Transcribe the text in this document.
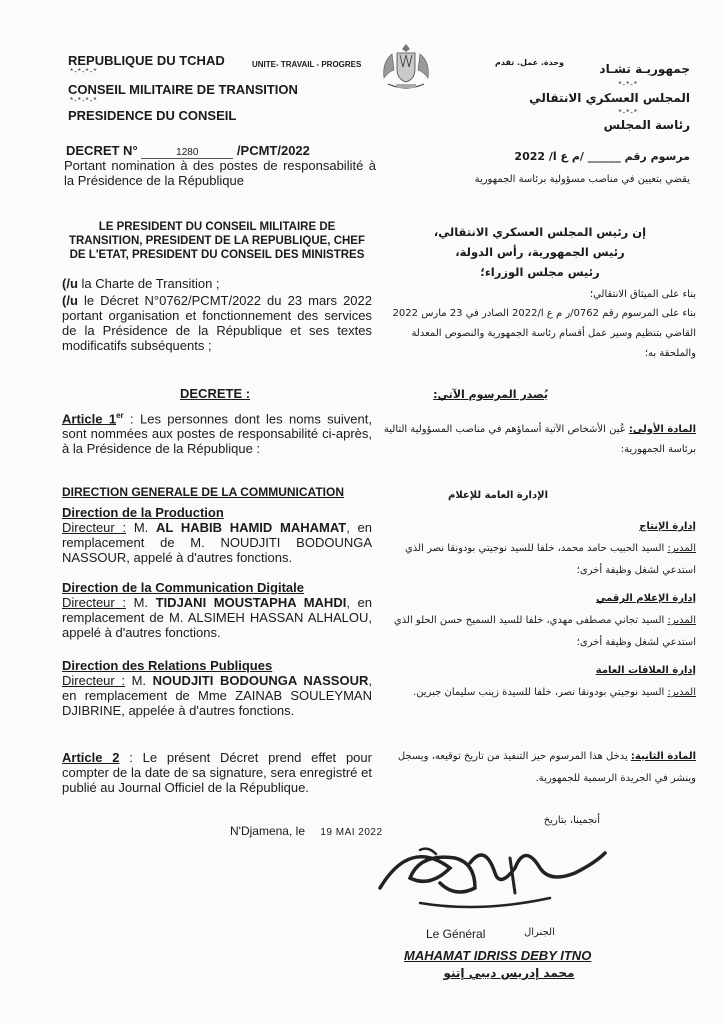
REPUBLIQUE DU TCHAD
*-*-*-*
CONSEIL MILITAIRE DE TRANSITION
*-*-*-*
PRESIDENCE DU CONSEIL
UNITE- TRAVAIL - PROGRES	وحدة. عمل. تقدم	جمهوريـة تشـاد
*-*-*
المجلس العسكري الانتقالي
*-*-*
رئاسة المجلس
DECRET N°	1280	/PCMT/2022
Portant nomination à des postes de responsabilité à la Présidence de la République
مرسوم رقم ______ /م ع ا/ 2022
يقضي بتعيين في مناصب مسؤولية برئاسة الجمهورية
LE PRESIDENT DU CONSEIL MILITAIRE DE TRANSITION, PRESIDENT DE LA REPUBLIQUE, CHEF DE L'ETAT, PRESIDENT DU CONSEIL DES MINISTRES
(/u la Charte de Transition ;
(/u le Décret N°0762/PCMT/2022 du 23 mars 2022 portant organisation et fonctionnement des services de la Présidence de la République et ses textes modificatifs subséquents ;
إن رئيس المجلس العسكري الانتقالي،
رئيس الجمهورية، رأس الدولة،
رئيس مجلس الوزراء؛
بناء على الميثاق الانتقالي؛
بناء على المرسوم رقم 0762/ر م ع ا/2022 الصادر في 23 مارس 2022 القاضي بتنظيم وسير عمل أقسام رئاسة الجمهورية والنصوص المعدلة والملحقة به؛
DECRETE :	يُصدر المرسوم الآتي:
Article 1er : Les personnes dont les noms suivent, sont nommées aux postes de responsabilité ci-après, à la Présidence de la République :
المادة الأولى: عُين الأشخاص الآتية أسماؤهم في مناصب المسؤولية التالية برئاسة الجمهورية:
DIRECTION GENERALE DE LA COMMUNICATION	الإدارة العامة للإعلام
Direction de la Production
Directeur : M. AL HABIB HAMID MAHAMAT, en remplacement de M. NOUDJITI BODOUNGA NASSOUR, appelé à d'autres fonctions.
إدارة الإنتاج
المدير: السيد الحبيب حامد محمد، خلفا للسيد نوجيتي بودونقا نصر الذي استدعي لشغل وظيفة أخرى؛
Direction de la Communication Digitale
Directeur : M. TIDJANI MOUSTAPHA MAHDI, en remplacement de M. ALSIMEH HASSAN ALHALOU, appelé à d'autres fonctions.
إدارة الإعلام الرقمي
المدير: السيد تجاني مصطفى مهدي، خلفا للسيد السميح حسن الحلو الذي استدعي لشغل وظيفة أخرى؛
Direction des Relations Publiques
Directeur : M. NOUDJITI BODOUNGA NASSOUR, en remplacement de Mme ZAINAB SOULEYMAN DJIBRINE, appelée à d'autres fonctions.
إدارة العلاقات العامة
المدير: السيد نوجيتي بودونقا نصر، خلفا للسيدة زينب سليمان جبرين.
Article 2 : Le présent Décret prend effet pour compter de la date de sa signature, sera enregistré et publié au Journal Officiel de la République.
المادة الثانية: يدخل هذا المرسوم حيز التنفيذ من تاريخ توقيعه، ويسجل وينشر في الجريدة الرسمية للجمهورية.
N'Djamena, le 19 MAI 2022
أنجمينا، بتاريخ
Le Général	الجنرال
MAHAMAT IDRISS DEBY ITNO
محمد إدريس ديبي إتنو
